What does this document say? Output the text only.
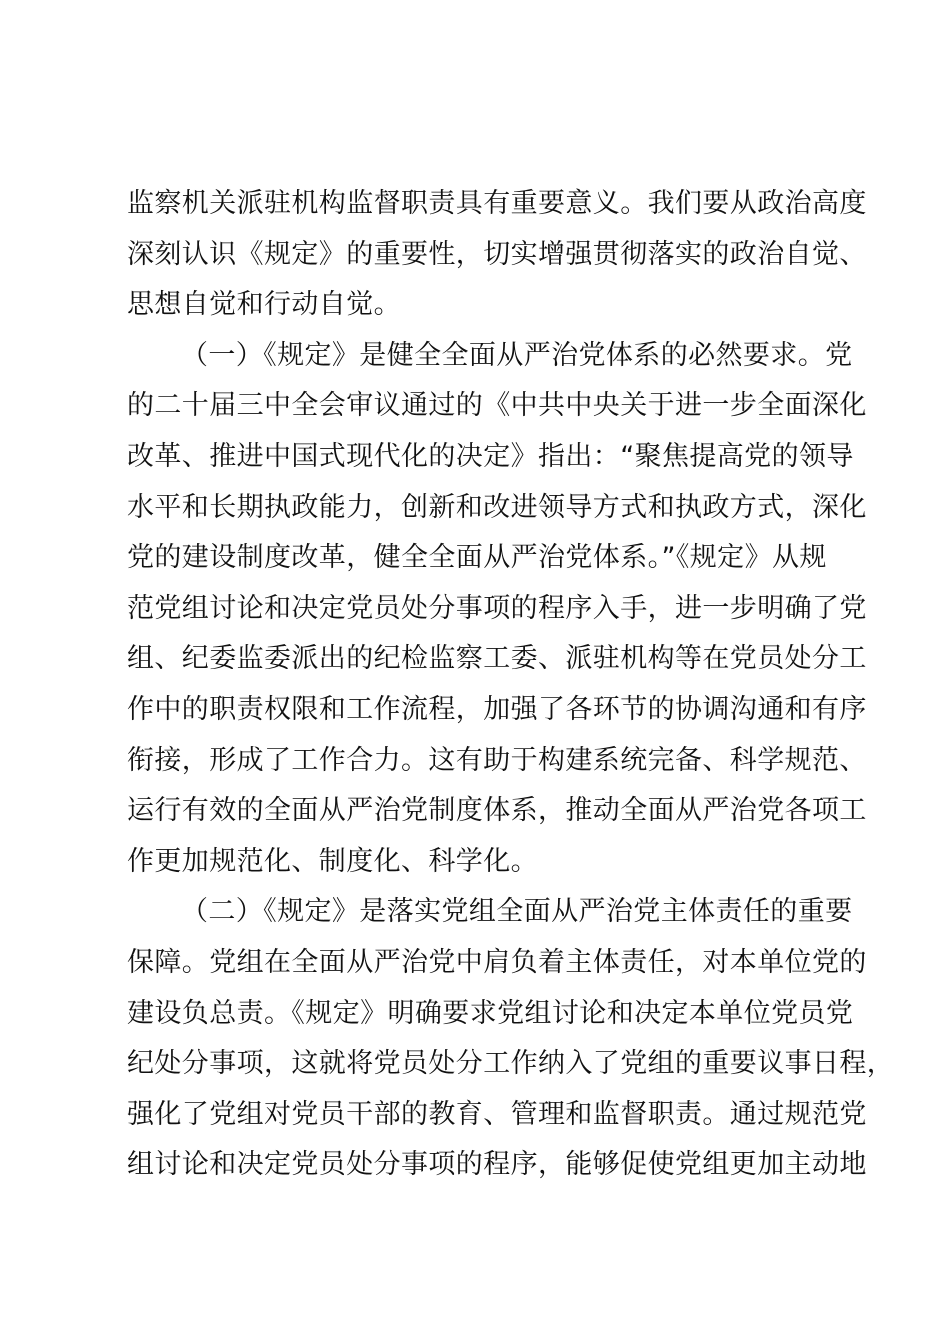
监察机关派驻机构监督职责具有重要意义。我们要从政治高度
深刻认识《规定》的重要性，切实增强贯彻落实的政治自觉、
思想自觉和行动自觉。
（一）《规定》是健全全面从严治党体系的必然要求。党
的二十届三中全会审议通过的《中共中央关于进一步全面深化
改革、推进中国式现代化的决定》指出：“聚焦提高党的领导
水平和长期执政能力，创新和改进领导方式和执政方式，深化
党的建设制度改革，健全全面从严治党体系。”《规定》从规
范党组讨论和决定党员处分事项的程序入手，进一步明确了党
组、纪委监委派出的纪检监察工委、派驻机构等在党员处分工
作中的职责权限和工作流程，加强了各环节的协调沟通和有序
衔接，形成了工作合力。这有助于构建系统完备、科学规范、
运行有效的全面从严治党制度体系，推动全面从严治党各项工
作更加规范化、制度化、科学化。
（二）《规定》是落实党组全面从严治党主体责任的重要
保障。党组在全面从严治党中肩负着主体责任，对本单位党的
建设负总责。《规定》明确要求党组讨论和决定本单位党员党
纪处分事项，这就将党员处分工作纳入了党组的重要议事日程，
强化了党组对党员干部的教育、管理和监督职责。通过规范党
组讨论和决定党员处分事项的程序，能够促使党组更加主动地
